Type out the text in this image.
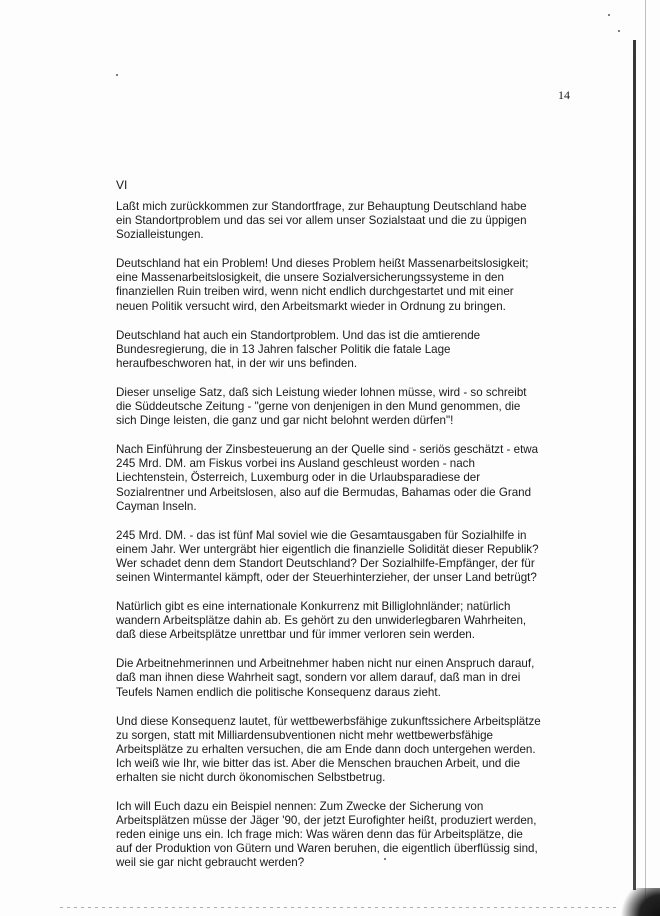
14
VI

Laßt mich zurückkommen zur Standortfrage, zur Behauptung Deutschland habe
ein Standortproblem und das sei vor allem unser Sozialstaat und die zu üppigen
Sozialleistungen.

Deutschland hat ein Problem! Und dieses Problem heißt Massenarbeitslosigkeit;
eine Massenarbeitslosigkeit, die unsere Sozialversicherungssysteme in den
finanziellen Ruin treiben wird, wenn nicht endlich durchgestartet und mit einer
neuen Politik versucht wird, den Arbeitsmarkt wieder in Ordnung zu bringen.

Deutschland hat auch ein Standortproblem. Und das ist die amtierende
Bundesregierung, die in 13 Jahren falscher Politik die fatale Lage
heraufbeschworen hat, in der wir uns befinden.

Dieser unselige Satz, daß sich Leistung wieder lohnen müsse, wird - so schreibt
die Süddeutsche Zeitung - "gerne von denjenigen in den Mund genommen, die
sich Dinge leisten, die ganz und gar nicht belohnt werden dürfen"!

Nach Einführung der Zinsbesteuerung an der Quelle sind - seriös geschätzt - etwa
245 Mrd. DM. am Fiskus vorbei ins Ausland geschleust worden - nach
Liechtenstein, Österreich, Luxemburg oder in die Urlaubsparadiese der
Sozialrentner und Arbeitslosen, also auf die Bermudas, Bahamas oder die Grand
Cayman Inseln.

245 Mrd. DM. - das ist fünf Mal soviel wie die Gesamtausgaben für Sozialhilfe in
einem Jahr. Wer untergräbt hier eigentlich die finanzielle Solidität dieser Republik?
Wer schadet denn dem Standort Deutschland? Der Sozialhilfe-Empfänger, der für
seinen Wintermantel kämpft, oder der Steuerhinterzieher, der unser Land betrügt?

Natürlich gibt es eine internationale Konkurrenz mit Billiglohnländer; natürlich
wandern Arbeitsplätze dahin ab. Es gehört zu den unwiderlegbaren Wahrheiten,
daß diese Arbeitsplätze unrettbar und für immer verloren sein werden.

Die Arbeitnehmerinnen und Arbeitnehmer haben nicht nur einen Anspruch darauf,
daß man ihnen diese Wahrheit sagt, sondern vor allem darauf, daß man in drei
Teufels Namen endlich die politische Konsequenz daraus zieht.

Und diese Konsequenz lautet, für wettbewerbsfähige zukunftssichere Arbeitsplätze
zu sorgen, statt mit Milliardensubventionen nicht mehr wettbewerbsfähige
Arbeitsplätze zu erhalten versuchen, die am Ende dann doch untergehen werden.
Ich weiß wie Ihr, wie bitter das ist. Aber die Menschen brauchen Arbeit, und die
erhalten sie nicht durch ökonomischen Selbstbetrug.

Ich will Euch dazu ein Beispiel nennen: Zum Zwecke der Sicherung von
Arbeitsplätzen müsse der Jäger '90, der jetzt Eurofighter heißt, produziert werden,
reden einige uns ein. Ich frage mich: Was wären denn das für Arbeitsplätze, die
auf der Produktion von Gütern und Waren beruhen, die eigentlich überflüssig sind,
weil sie gar nicht gebraucht werden?
